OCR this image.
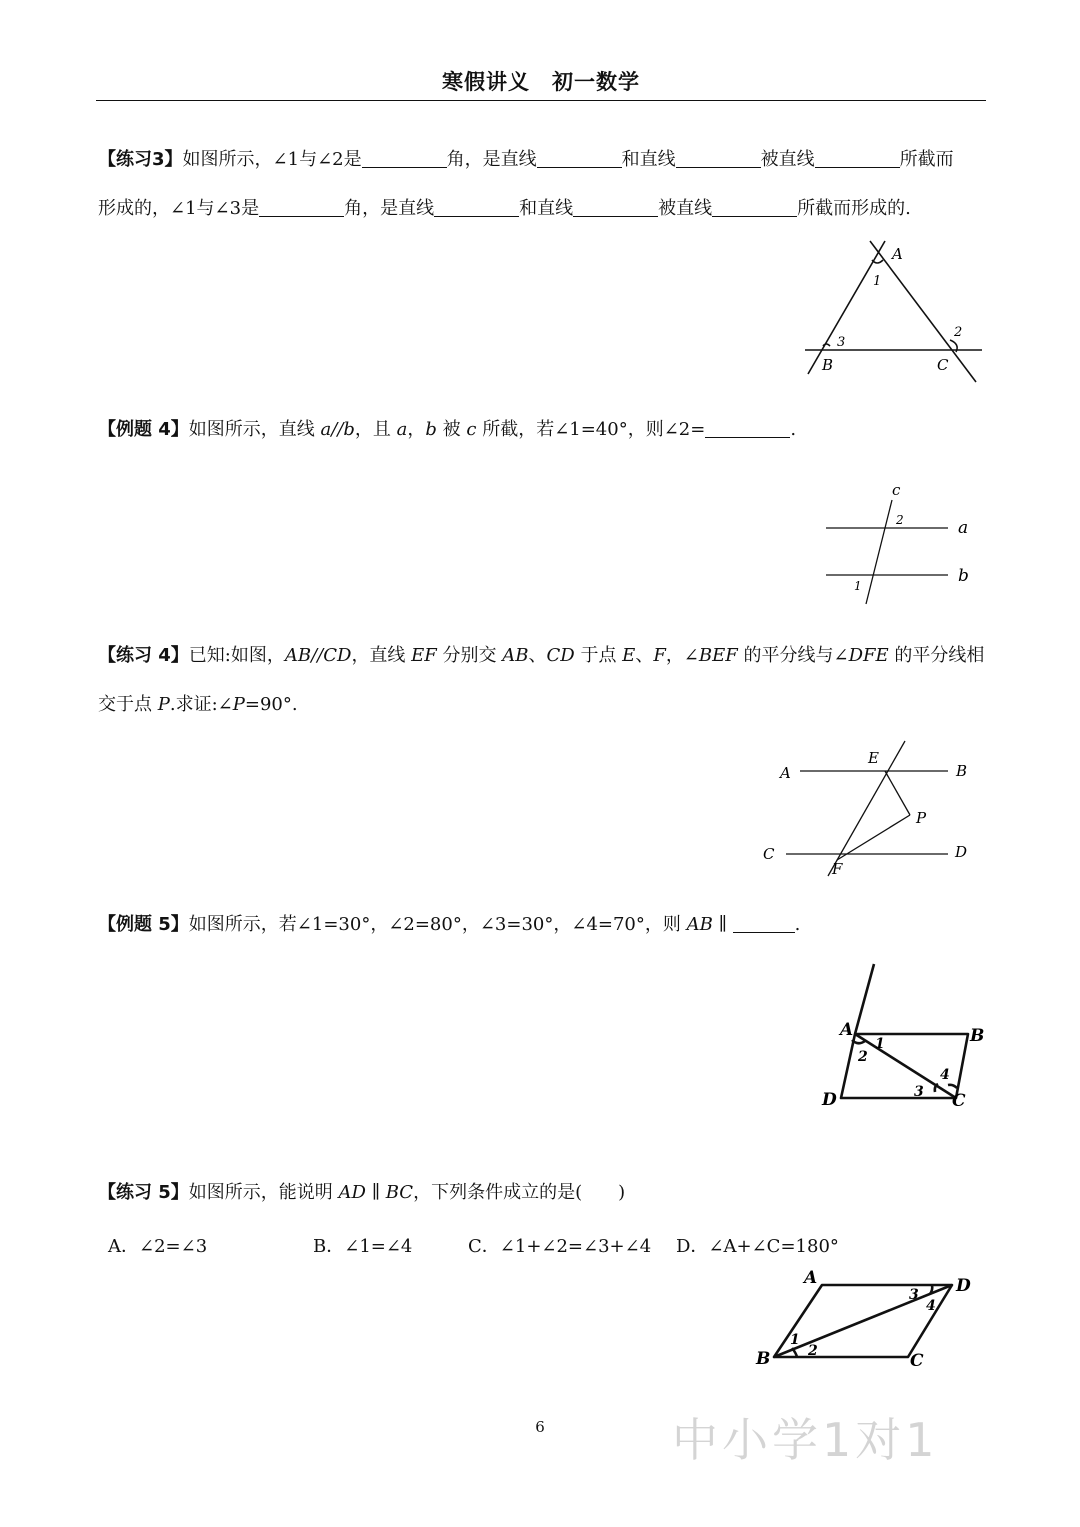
寒假讲义　初一数学
【练习3】如图所示，∠1与∠2是	角，是直线	和直线	被直线	所截而
形成的，∠1与∠3是	角，是直线	和直线	被直线	所截而形成的.
A
1
2
3
B	C
【例题 4】如图所示，直线 a//b，且 a，b 被 c 所截，若∠1=40°，则∠2=	.
c
2	a
b
1
【练习 4】已知:如图，AB//CD，直线 EF 分别交 AB、CD 于点 E、F，∠BEF 的平分线与∠DFE 的平分线相
交于点 P.求证:∠P=90°.
A
E
B
P
C	D
F
【例题 5】如图所示，若∠1=30°，∠2=80°，∠3=30°，∠4=70°，则 AB ∥	.
A
1
2
B
3
4
D	C
【练习 5】如图所示，能说明 AD ∥ BC，下列条件成立的是(　　)
A．∠2=∠3	B．∠1=∠4	C．∠1+∠2=∠3+∠4 D．∠A+∠C=180°
A	D
3
4
1
2
B	C
6	中小学1对1
